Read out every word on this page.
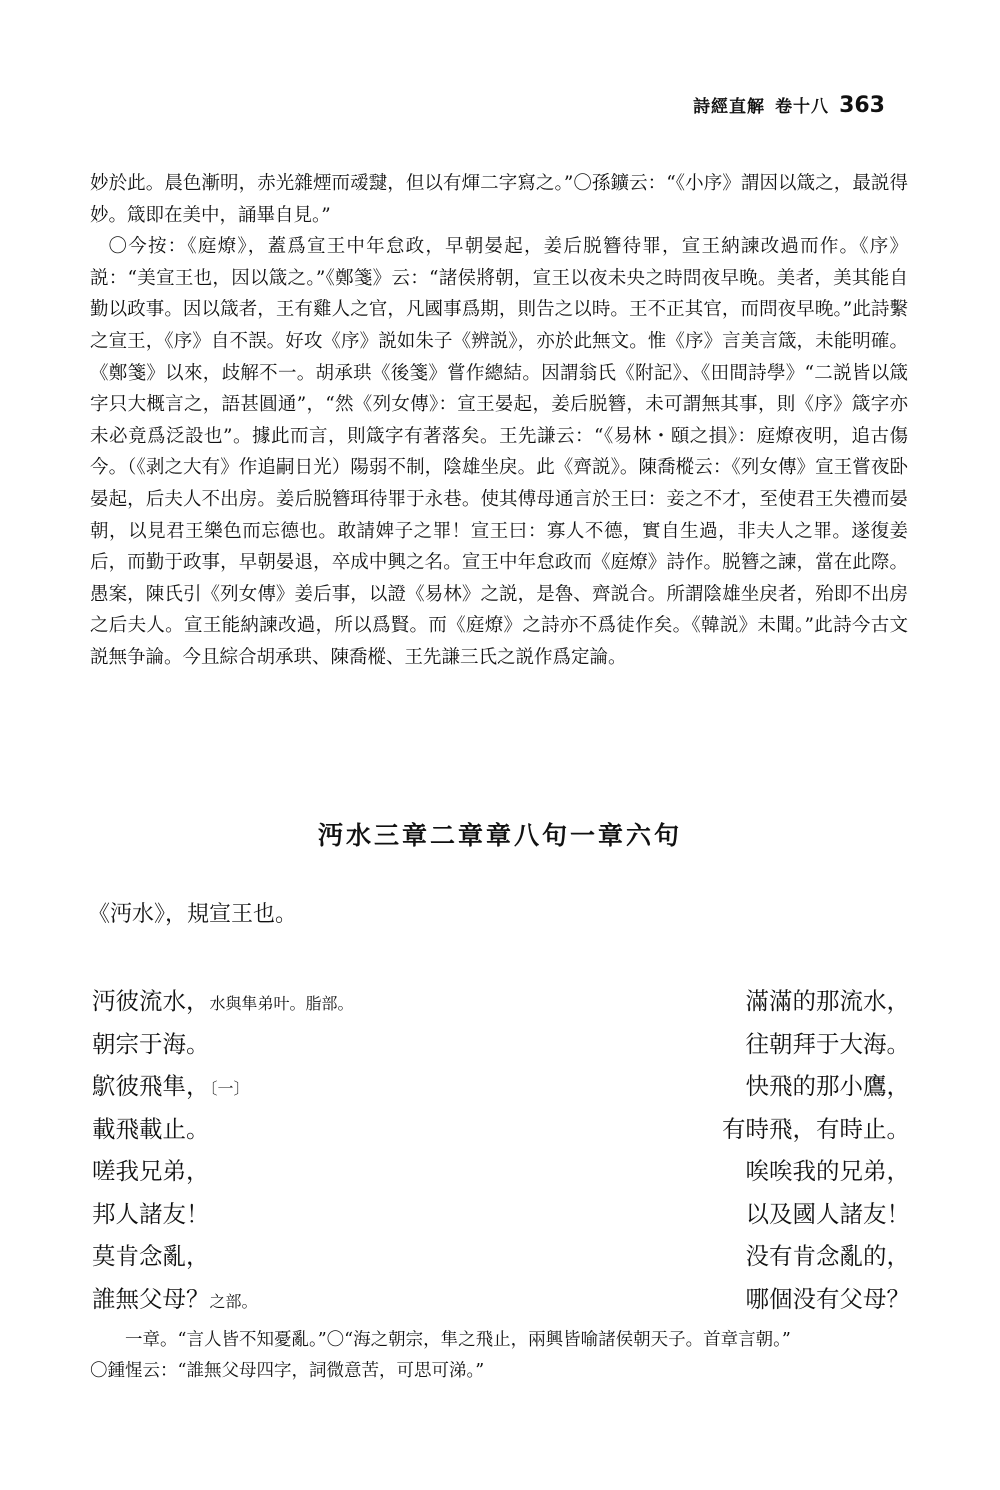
詩經直解 卷十八 363

妙於此。晨色漸明，赤光雜煙而叆靆，但以有煇二字寫之。”〇孫鑛云：“《小序》謂因以箴之，最説得妙。箴即在美中，誦畢自見。”

〇今按：《庭燎》，蓋爲宣王中年怠政，早朝晏起，姜后脱簪待罪，宣王納諫改過而作。《序》説：“美宣王也，因以箴之。”《鄭箋》云：“諸侯將朝，宣王以夜未央之時問夜早晚。美者，美其能自勤以政事。因以箴者，王有雞人之官，凡國事爲期，則告之以時。王不正其官，而問夜早晚。”此詩繫之宣王，《序》自不誤。好攻《序》説如朱子《辨説》，亦於此無文。惟《序》言美言箴，未能明確。《鄭箋》以來，歧解不一。胡承珙《後箋》嘗作總結。因謂翁氏《附記》、《田間詩學》“二説皆以箴字只大概言之，語甚圓通”，“然《列女傳》：宣王晏起，姜后脱簪，未可謂無其事，則《序》箴字亦未必竟爲泛設也”。據此而言，則箴字有著落矣。王先謙云：“《易林・頤之損》：庭燎夜明，追古傷今。（《剥之大有》作追嗣日光）陽弱不制，陰雄坐戾。此《齊説》。陳喬樅云：《列女傳》宣王嘗夜卧晏起，后夫人不出房。姜后脱簪珥待罪于永巷。使其傅母通言於王曰：妾之不才，至使君王失禮而晏朝，以見君王樂色而忘德也。敢請婢子之罪！宣王曰：寡人不德，實自生過，非夫人之罪。遂復姜后，而勤于政事，早朝晏退，卒成中興之名。宣王中年怠政而《庭燎》詩作。脱簪之諫，當在此際。愚案，陳氏引《列女傳》姜后事，以證《易林》之説，是魯、齊説合。所謂陰雄坐戾者，殆即不出房之后夫人。宣王能納諫改過，所以爲賢。而《庭燎》之詩亦不爲徒作矣。《韓説》未聞。”此詩今古文説無争論。今且綜合胡承珙、陳喬樅、王先謙三氏之説作爲定論。

沔水三章二章章八句一章六句
《沔水》，規宣王也。
沔彼流水，水與隼弟叶。脂部。	滿滿的那流水，
朝宗于海。	往朝拜于大海。
鴥彼飛隼，〔一〕	快飛的那小鷹，
載飛載止。	有時飛，有時止。
嗟我兄弟，	唉唉我的兄弟，
邦人諸友！	以及國人諸友！
莫肯念亂，	没有肯念亂的，
誰無父母？之部。	哪個没有父母？

一章。“言人皆不知憂亂。”〇“海之朝宗，隼之飛止，兩興皆喻諸侯朝天子。首章言朝。”

〇鍾惺云：“誰無父母四字，詞微意苦，可思可涕。”
